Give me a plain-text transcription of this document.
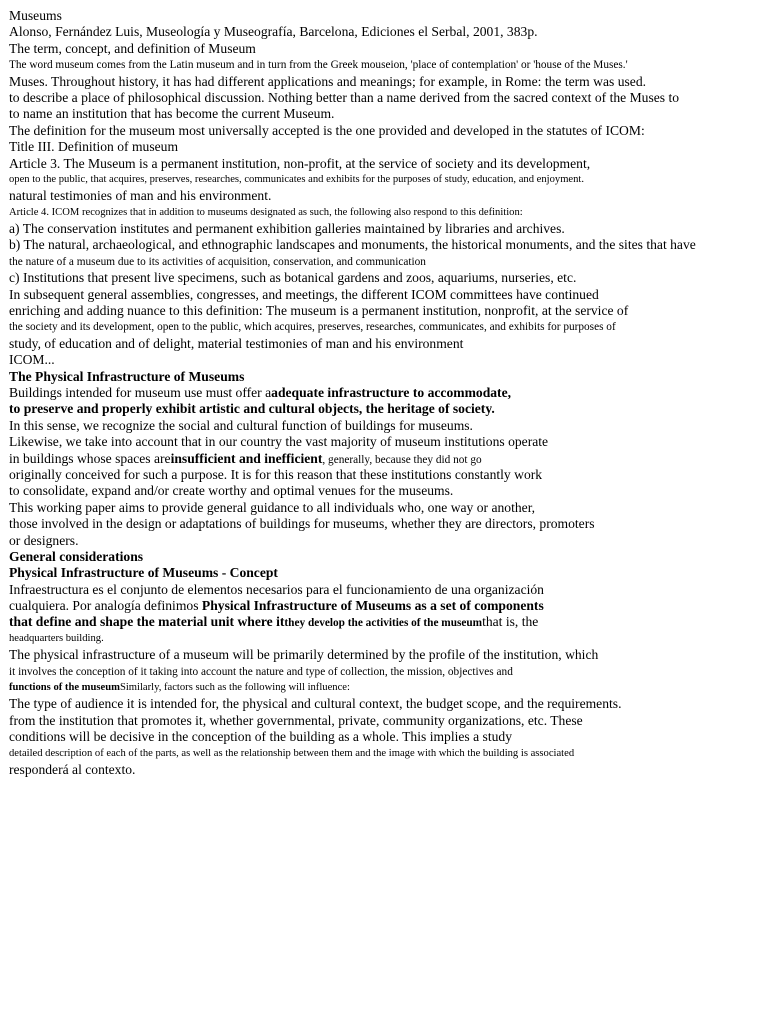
Museums
Alonso, Fernández Luis, Museología y Museografía, Barcelona, Ediciones el Serbal, 2001, 383p.
The term, concept, and definition of Museum
The word museum comes from the Latin museum and in turn from the Greek mouseion, 'place of contemplation' or 'house of the Muses.'
Muses. Throughout history, it has had different applications and meanings; for example, in Rome: the term was used.
to describe a place of philosophical discussion. Nothing better than a name derived from the sacred context of the Muses to
to name an institution that has become the current Museum.
The definition for the museum most universally accepted is the one provided and developed in the statutes of ICOM:
Title III. Definition of museum
Article 3. The Museum is a permanent institution, non-profit, at the service of society and its development,
open to the public, that acquires, preserves, researches, communicates and exhibits for the purposes of study, education, and enjoyment.
natural testimonies of man and his environment.
Article 4. ICOM recognizes that in addition to museums designated as such, the following also respond to this definition:
a) The conservation institutes and permanent exhibition galleries maintained by libraries and archives.
b) The natural, archaeological, and ethnographic landscapes and monuments, the historical monuments, and the sites that have
the nature of a museum due to its activities of acquisition, conservation, and communication
c) Institutions that present live specimens, such as botanical gardens and zoos, aquariums, nurseries, etc.
In subsequent general assemblies, congresses, and meetings, the different ICOM committees have continued
enriching and adding nuance to this definition: The museum is a permanent institution, nonprofit, at the service of
the society and its development, open to the public, which acquires, preserves, researches, communicates, and exhibits for purposes of
study, of education and of delight, material testimonies of man and his environment
ICOM...
The Physical Infrastructure of Museums
Buildings intended for museum use must offer aadequate infrastructure to accommodate,
to preserve and properly exhibit artistic and cultural objects, the heritage of society.
In this sense, we recognize the social and cultural function of buildings for museums.
Likewise, we take into account that in our country the vast majority of museum institutions operate
in buildings whose spaces areinsufficient and inefficient, generally, because they did not go
originally conceived for such a purpose. It is for this reason that these institutions constantly work
to consolidate, expand and/or create worthy and optimal venues for the museums.
This working paper aims to provide general guidance to all individuals who, one way or another,
those involved in the design or adaptations of buildings for museums, whether they are directors, promoters
or designers.
General considerations
Physical Infrastructure of Museums - Concept
Infraestructura es el conjunto de elementos necesarios para el funcionamiento de una organización
cualquiera. Por analogía definimos Physical Infrastructure of Museums as a set of components
that define and shape the material unit where itthey develop the activities of the museumthat is, the
headquarters building.
The physical infrastructure of a museum will be primarily determined by the profile of the institution, which
it involves the conception of it taking into account the nature and type of collection, the mission, objectives and
functions of the museumSimilarly, factors such as the following will influence:
The type of audience it is intended for, the physical and cultural context, the budget scope, and the requirements.
from the institution that promotes it, whether governmental, private, community organizations, etc. These
conditions will be decisive in the conception of the building as a whole. This implies a study
detailed description of each of the parts, as well as the relationship between them and the image with which the building is associated
responderá al contexto.
